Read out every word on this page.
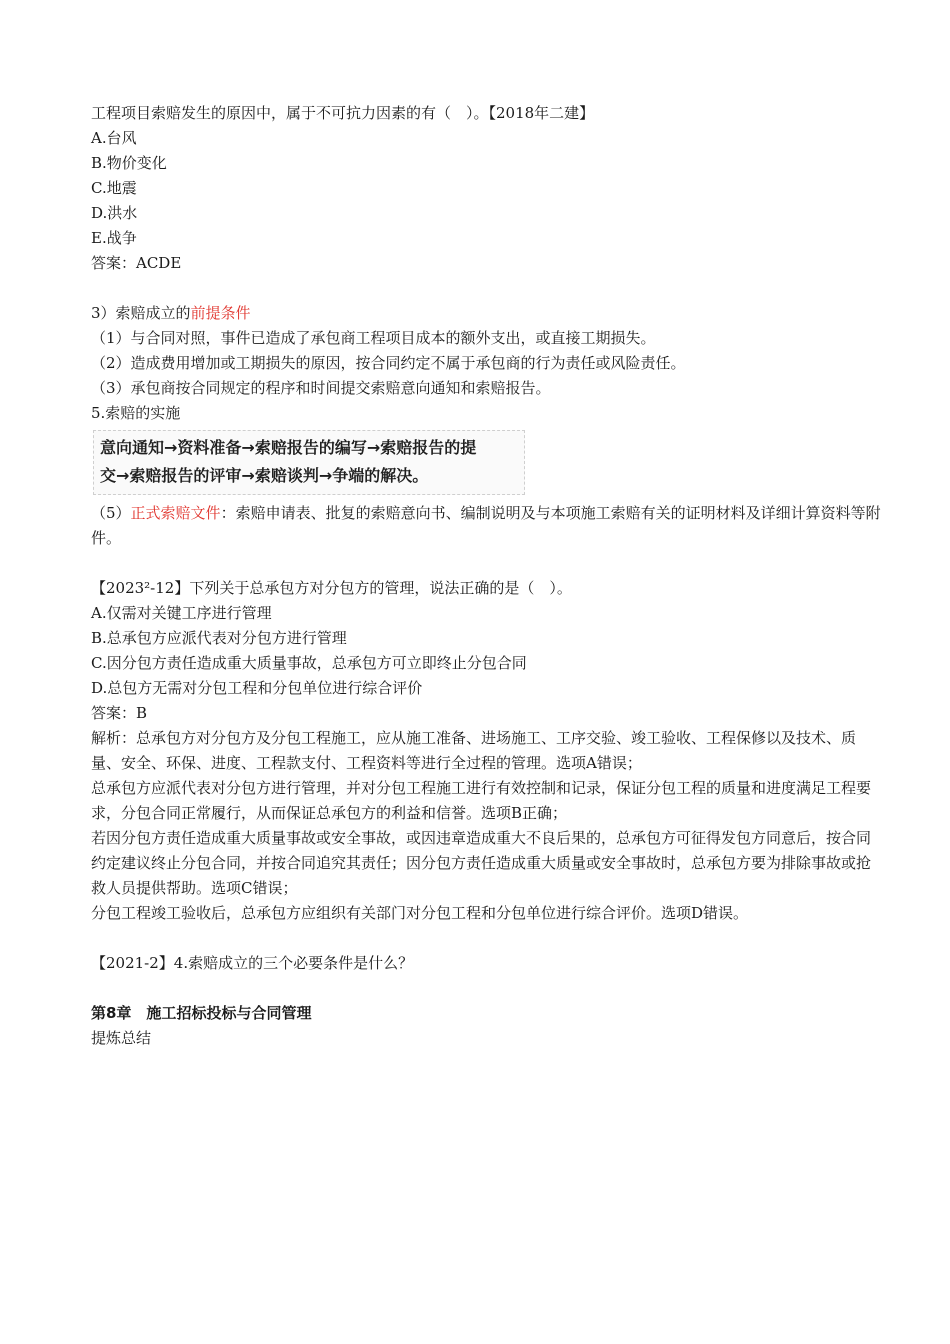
工程项目索赔发生的原因中，属于不可抗力因素的有（　）。【2018年二建】
A.台风
B.物价变化
C.地震
D.洪水
E.战争
答案：ACDE
3）索赔成立的前提条件
（1）与合同对照，事件已造成了承包商工程项目成本的额外支出，或直接工期损失。
（2）造成费用增加或工期损失的原因，按合同约定不属于承包商的行为责任或风险责任。
（3）承包商按合同规定的程序和时间提交索赔意向通知和索赔报告。
5.索赔的实施
意向通知→资料准备→索赔报告的编写→索赔报告的提
交→索赔报告的评审→索赔谈判→争端的解决。
（5）正式索赔文件：索赔申请表、批复的索赔意向书、编制说明及与本项施工索赔有关的证明材料及详细计算资料等附件。
【2023²-12】下列关于总承包方对分包方的管理，说法正确的是（　）。
A.仅需对关键工序进行管理
B.总承包方应派代表对分包方进行管理
C.因分包方责任造成重大质量事故，总承包方可立即终止分包合同
D.总包方无需对分包工程和分包单位进行综合评价
答案：B
解析：总承包方对分包方及分包工程施工，应从施工准备、进场施工、工序交验、竣工验收、工程保修以及技术、质量、安全、环保、进度、工程款支付、工程资料等进行全过程的管理。选项A错误；
总承包方应派代表对分包方进行管理，并对分包工程施工进行有效控制和记录，保证分包工程的质量和进度满足工程要求，分包合同正常履行，从而保证总承包方的利益和信誉。选项B正确；
若因分包方责任造成重大质量事故或安全事故，或因违章造成重大不良后果的，总承包方可征得发包方同意后，按合同约定建议终止分包合同，并按合同追究其责任；因分包方责任造成重大质量或安全事故时，总承包方要为排除事故或抢救人员提供帮助。选项C错误；
分包工程竣工验收后，总承包方应组织有关部门对分包工程和分包单位进行综合评价。选项D错误。
【2021-2】4.索赔成立的三个必要条件是什么？
第8章　施工招标投标与合同管理
提炼总结
